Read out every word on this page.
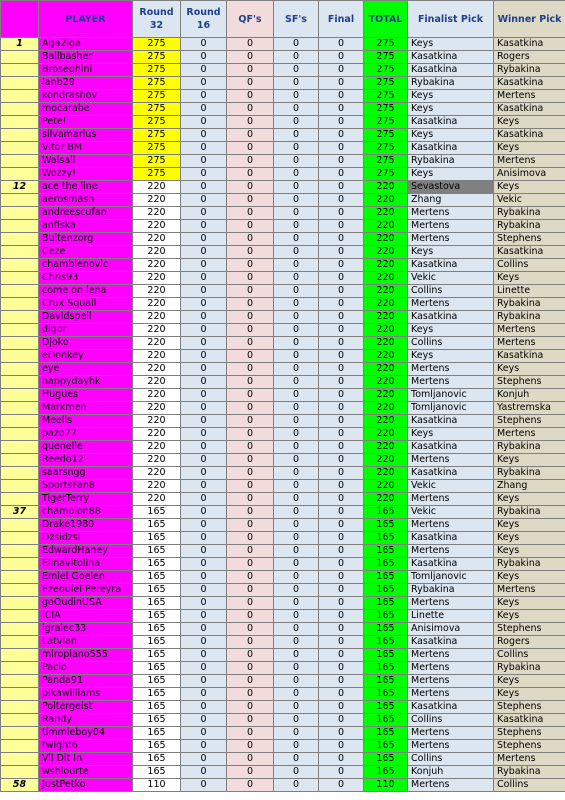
	PLAYER	Round 32	Round 16	QF's	SF's	Final	TOTAL	Finalist Pick	Winner Pick
1	Aga2lga	275	0	0	0	0	275	Keys	Kasatkina
	Ballbasher	275	0	0	0	0	275	Kasatkina	Rogers
	Broseghini	275	0	0	0	0	275	Kasatkina	Rybakina
	Ianb29	275	0	0	0	0	275	Rybakina	Kasatkina
	kondrashov	275	0	0	0	0	275	Keys	Mertens
	mocarabe	275	0	0	0	0	275	Keys	Kasatkina
	Pete!	275	0	0	0	0	275	Kasatkina	Keys
	silvamarius	275	0	0	0	0	275	Keys	Kasatkina
	Vitor BM	275	0	0	0	0	275	Kasatkina	Keys
	Walsall	275	0	0	0	0	275	Rybakina	Mertens
	Wozzy!	275	0	0	0	0	275	Keys	Anisimova
12	ace the line	220	0	0	0	0	220	Sevastova	Keys
	aerosmash	220	0	0	0	0	220	Zhang	Vekic
	andreescufan	220	0	0	0	0	220	Mertens	Rybakina
	anfiska	220	0	0	0	0	220	Mertens	Rybakina
	Buitenzorg	220	0	0	0	0	220	Mertens	Stephens
	Ceze	220	0	0	0	0	220	Keys	Kasatkina
	chambienovic	220	0	0	0	0	220	Kasatkina	Collins
	Chris93	220	0	0	0	0	220	Vekic	Keys
	come on lena	220	0	0	0	0	220	Collins	Linette
	Crux Squall	220	0	0	0	0	220	Mertens	Rybakina
	Davidspell	220	0	0	0	0	220	Kasatkina	Rybakina
	digor	220	0	0	0	0	220	Keys	Mertens
	Djoko	220	0	0	0	0	220	Collins	Mertens
	eDonkey	220	0	0	0	0	220	Keys	Kasatkina
	eye	220	0	0	0	0	220	Mertens	Keys
	happydayhk	220	0	0	0	0	220	Mertens	Stephens
	Hugues	220	0	0	0	0	220	Tomljanovic	Konjuh
	Markmen	220	0	0	0	0	220	Tomljanovic	Yastremska
	Meelis	220	0	0	0	0	220	Kasatkina	Stephens
	pazo77	220	0	0	0	0	220	Keys	Mertens
	quenelle	220	0	0	0	0	220	Kasatkina	Rybakina
	Reedo12	220	0	0	0	0	220	Mertens	Keys
	saarsngg	220	0	0	0	0	220	Kasatkina	Rybakina
	SportsFan8	220	0	0	0	0	220	Vekic	Zhang
	TigerTerry	220	0	0	0	0	220	Mertens	Keys
37	champion88	165	0	0	0	0	165	Vekic	Rybakina
	Drake1980	165	0	0	0	0	165	Mertens	Keys
	Dzsidzsi	165	0	0	0	0	165	Kasatkina	Keys
	EdwardHaney	165	0	0	0	0	165	Mertens	Keys
	Elinavitolina	165	0	0	0	0	165	Kasatkina	Rybakina
	Emiel Goelen	165	0	0	0	0	165	Tomljanovic	Keys
	Ezequiel Pereyra	165	0	0	0	0	165	Rybakina	Mertens
	goOudinUSA	165	0	0	0	0	165	Mertens	Keys
	ICIA	165	0	0	0	0	165	Linette	Keys
	igralec33	165	0	0	0	0	165	Anisimova	Stephens
	Latvian	165	0	0	0	0	165	Kasatkina	Rogers
	miropiano555	165	0	0	0	0	165	Mertens	Collins
	Pacio	165	0	0	0	0	165	Mertens	Rybakina
	Panda91	165	0	0	0	0	165	Mertens	Keys
	pikawilliams	165	0	0	0	0	165	Mertens	Keys
	Poltergeist	165	0	0	0	0	165	Kasatkina	Stephens
	Randy	165	0	0	0	0	165	Collins	Kasatkina
	timmieboy04	165	0	0	0	0	165	Mertens	Stephens
	twight6	165	0	0	0	0	165	Mertens	Stephens
	Vil Dit In	165	0	0	0	0	165	Collins	Mertens
	wshlourte	165	0	0	0	0	165	Konjuh	Rybakina
58	JustPetko	110	0	0	0	0	110	Mertens	Collins
